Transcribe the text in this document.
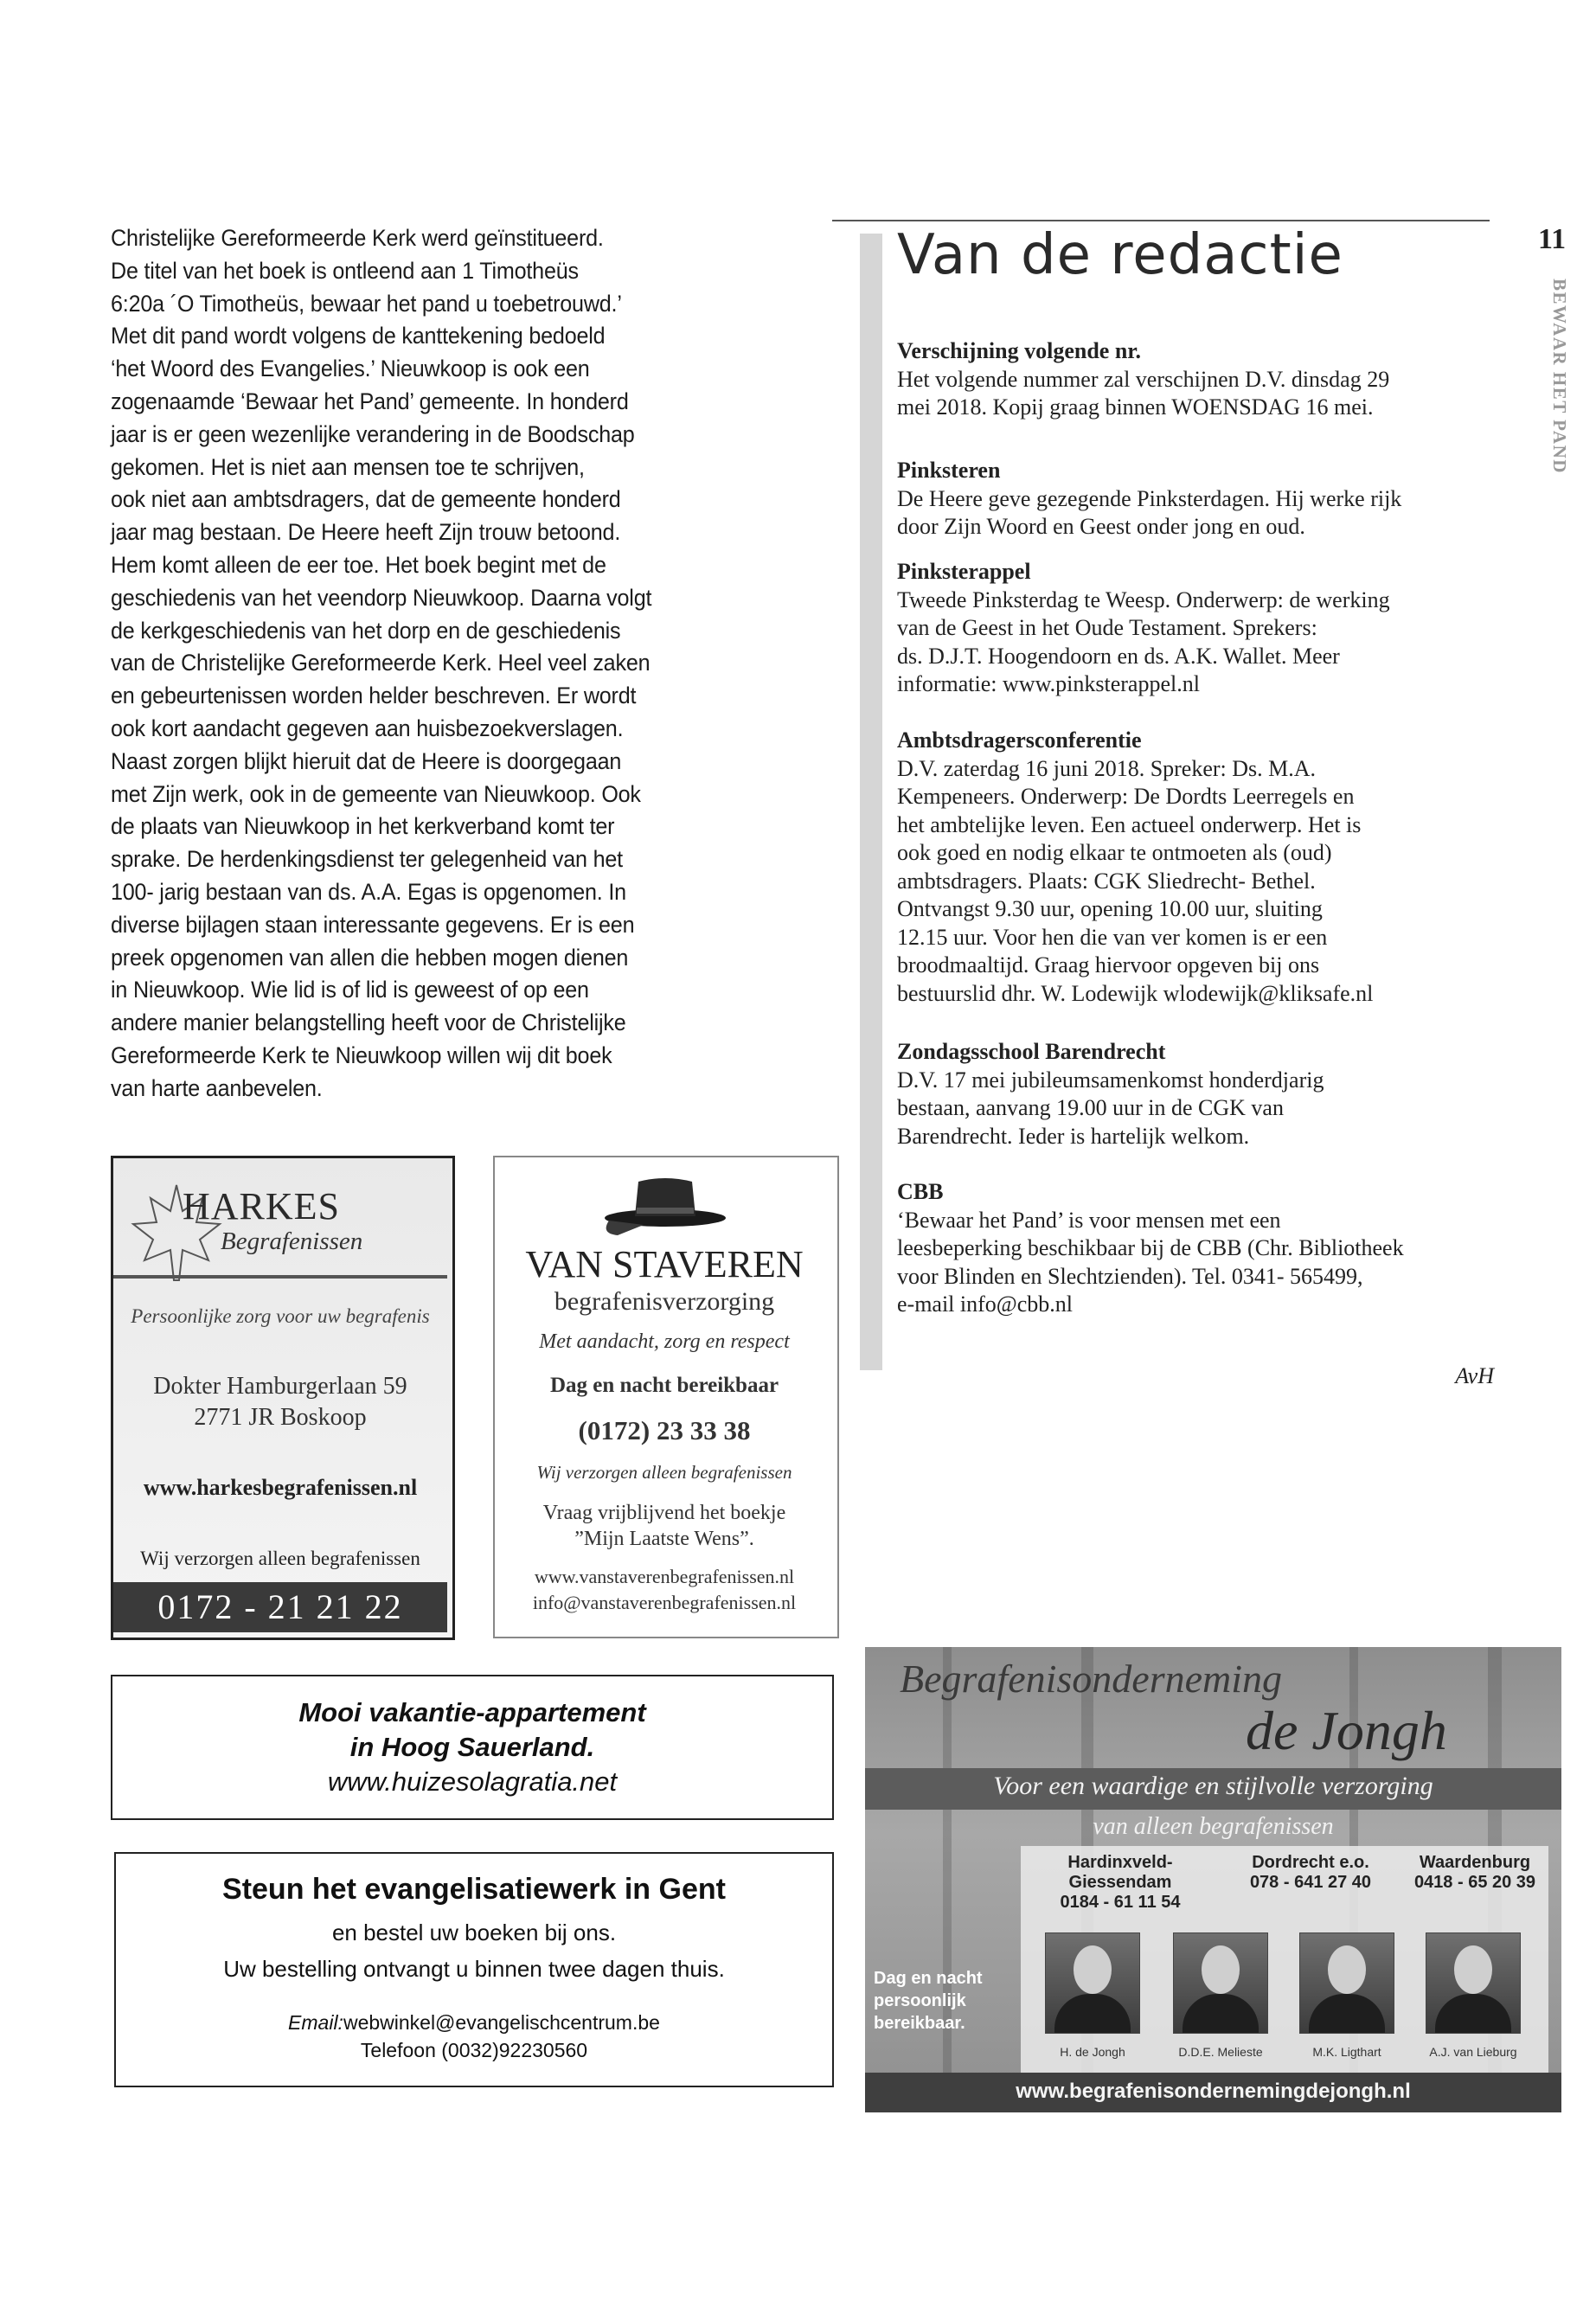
Christelijke Gereformeerde Kerk werd geïnstitueerd.

De titel van het boek is ontleend aan 1 Timotheüs

6:20a ´O Timotheüs, bewaar het pand u toebetrouwd.’

Met dit pand wordt volgens de kanttekening bedoeld

‘het Woord des Evangelies.’ Nieuwkoop is ook een

zogenaamde ‘Bewaar het Pand’ gemeente. In honderd

jaar is er geen wezenlijke verandering in de Boodschap

gekomen. Het is niet aan mensen toe te schrijven,

ook niet aan ambtsdragers, dat de gemeente honderd

jaar mag bestaan. De Heere heeft Zijn trouw betoond.

Hem komt alleen de eer toe. Het boek begint met de

geschiedenis van het veendorp Nieuwkoop. Daarna volgt

de kerkgeschiedenis van het dorp en de geschiedenis

van de Christelijke Gereformeerde Kerk. Heel veel zaken

en gebeurtenissen worden helder beschreven. Er wordt

ook kort aandacht gegeven aan huisbezoekverslagen.

Naast zorgen blijkt hieruit dat de Heere is doorgegaan

met Zijn werk, ook in de gemeente van Nieuwkoop. Ook

de plaats van Nieuwkoop in het kerkverband komt ter

sprake. De herdenkingsdienst ter gelegenheid van het

100- jarig bestaan van ds. A.A. Egas is opgenomen. In

diverse bijlagen staan interessante gegevens. Er is een

preek opgenomen van allen die hebben mogen dienen

in Nieuwkoop. Wie lid is of lid is geweest of op een

andere manier belangstelling heeft voor de Christelijke

Gereformeerde Kerk te Nieuwkoop willen wij dit boek

van harte aanbevelen.

Van de redactie	11
BEWAAR HET PAND

Verschijning volgende nr.

Het volgende nummer zal verschijnen D.V. dinsdag 29

mei 2018. Kopij graag binnen WOENSDAG 16 mei.

Pinksteren

De Heere geve gezegende Pinksterdagen. Hij werke rijk

door Zijn Woord en Geest onder jong en oud.

Pinksterappel

Tweede Pinksterdag te Weesp. Onderwerp: de werking

van de Geest in het Oude Testament. Sprekers:

ds. D.J.T. Hoogendoorn en ds. A.K. Wallet. Meer

informatie: www.pinksterappel.nl

Ambtsdragersconferentie

D.V. zaterdag 16 juni 2018. Spreker: Ds. M.A.

Kempeneers. Onderwerp: De Dordts Leerregels en

het ambtelijke leven. Een actueel onderwerp. Het is

ook goed en nodig elkaar te ontmoeten als (oud)

ambtsdragers. Plaats: CGK Sliedrecht- Bethel.

Ontvangst 9.30 uur, opening 10.00 uur, sluiting

12.15 uur. Voor hen die van ver komen is er een

broodmaaltijd. Graag hiervoor opgeven bij ons

bestuurslid dhr. W. Lodewijk wlodewijk@kliksafe.nl

Zondagsschool Barendrecht

D.V. 17 mei jubileumsamenkomst honderdjarig

bestaan, aanvang 19.00 uur in de CGK van

Barendrecht. Ieder is hartelijk welkom.

CBB

‘Bewaar het Pand’ is voor mensen met een

leesbeperking beschikbaar bij de CBB (Chr. Bibliotheek

voor Blinden en Slechtzienden). Tel. 0341- 565499,

e-mail info@cbb.nl

AvH
HARKES
Begrafenissen
Persoonlijke zorg voor uw begrafenis
Dokter Hamburgerlaan 59
2771 JR Boskoop
www.harkesbegrafenissen.nl
Wij verzorgen alleen begrafenissen
0172 - 21 21 22
VAN STAVEREN
begrafenisverzorging
Met aandacht, zorg en respect
Dag en nacht bereikbaar
(0172) 23 33 38
Wij verzorgen alleen begrafenissen
Vraag vrijblijvend het boekje
”Mijn Laatste Wens”.
www.vanstaverenbegrafenissen.nl
info@vanstaverenbegrafenissen.nl
Mooi vakantie-appartement
in Hoog Sauerland.
www.huizesolagratia.net
Steun het evangelisatiewerk in Gent
en bestel uw boeken bij ons.
Uw bestelling ontvangt u binnen twee dagen thuis.
Email:webwinkel@evangelischcentrum.be
Telefoon (0032)92230560
Begrafenisonderneming
de Jongh
Voor een waardige en stijlvolle verzorging
van alleen begrafenissen
Hardinxveld-Giessendam
0184 - 61 11 54
Dordrecht e.o.
078 - 641 27 40
Waardenburg
0418 - 65 20 39
H. de Jongh	D.D.E. Melieste	M.K. Ligthart	A.J. van Lieburg
Dag en nacht
persoonlijk
bereikbaar.
www.begrafenisondernemingdejongh.nl
